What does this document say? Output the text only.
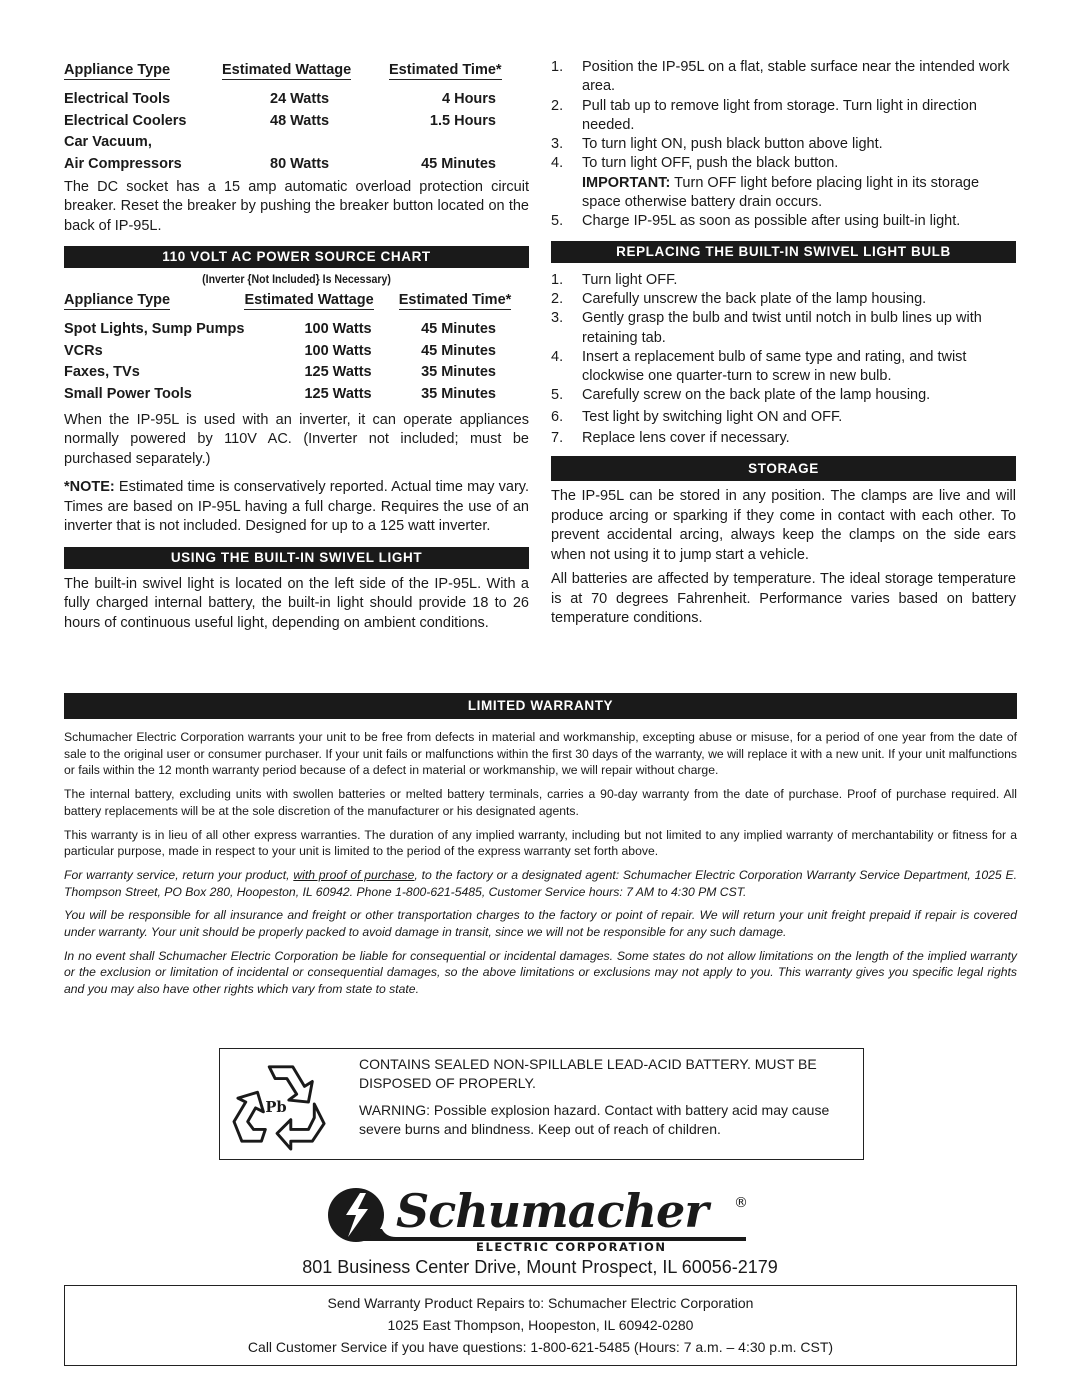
Appliance Type	Estimated Wattage	Estimated Time*
Electrical Tools	24 Watts	4 Hours
Electrical Coolers	48 Watts	1.5 Hours
Car Vacuum,		
Air Compressors	80 Watts	45 Minutes

The DC socket has a 15 amp automatic overload protection circuit breaker. Reset the breaker by pushing the breaker button located on the back of IP-95L.

110 VOLT AC POWER SOURCE CHART
(Inverter {Not Included} Is Necessary)
Appliance Type	Estimated Wattage	Estimated Time*
Spot Lights, Sump Pumps	100 Watts	45 Minutes
VCRs	100 Watts	45 Minutes
Faxes, TVs	125 Watts	35 Minutes
Small Power Tools	125 Watts	35 Minutes

When the IP-95L is used with an inverter, it can operate appliances normally powered by 110V AC. (Inverter not included; must be purchased separately.)

*NOTE: Estimated time is conservatively reported. Actual time may vary. Times are based on IP-95L having a full charge. Requires the use of an inverter that is not included. Designed for up to a 125 watt inverter.

USING THE BUILT-IN SWIVEL LIGHT

The built-in swivel light is located on the left side of the IP-95L. With a fully charged internal battery, the built-in light should provide 18 to 26 hours of continuous useful light, depending on ambient conditions.

1. Position the IP-95L on a flat, stable surface near the intended work area.
2. Pull tab up to remove light from storage. Turn light in direction needed.
3. To turn light ON, push black button above light.
4. To turn light OFF, push the black button.
IMPORTANT: Turn OFF light before placing light in its storage space otherwise battery drain occurs.
5. Charge IP-95L as soon as possible after using built-in light.
REPLACING THE BUILT-IN SWIVEL LIGHT BULB
1. Turn light OFF.
2. Carefully unscrew the back plate of the lamp housing.
3. Gently grasp the bulb and twist until notch in bulb lines up with retaining tab.
4. Insert a replacement bulb of same type and rating, and twist clockwise one quarter-turn to screw in new bulb.
5. Carefully screw on the back plate of the lamp housing.
6. Test light by switching light ON and OFF.
7. Replace lens cover if necessary.
STORAGE

The IP-95L can be stored in any position. The clamps are live and will produce arcing or sparking if they come in contact with each other. To prevent accidental arcing, always keep the clamps on the side ears when not using it to jump start a vehicle.

All batteries are affected by temperature. The ideal storage temperature is at 70 degrees Fahrenheit. Performance varies based on battery temperature conditions.

LIMITED WARRANTY

Schumacher Electric Corporation warrants your unit to be free from defects in material and workmanship, excepting abuse or misuse, for a period of one year from the date of sale to the original user or consumer purchaser. If your unit fails or malfunctions within the first 30 days of the warranty, we will replace it with a new unit. If your unit malfunctions or fails within the 12 month warranty period because of a defect in material or workmanship, we will repair without charge.

The internal battery, excluding units with swollen batteries or melted battery terminals, carries a 90-day warranty from the date of purchase. Proof of purchase required. All battery replacements will be at the sole discretion of the manufacturer or his designated agents.

This warranty is in lieu of all other express warranties. The duration of any implied warranty, including but not limited to any implied warranty of merchantability or fitness for a particular purpose, made in respect to your unit is limited to the period of the express warranty set forth above.

For warranty service, return your product, with proof of purchase, to the factory or a designated agent: Schumacher Electric Corporation Warranty Service Department, 1025 E. Thompson Street, PO Box 280, Hoopeston, IL 60942. Phone 1-800-621-5485, Customer Service hours: 7 AM to 4:30 PM CST.

You will be responsible for all insurance and freight or other transportation charges to the factory or point of repair. We will return your unit freight prepaid if repair is covered under warranty. Your unit should be properly packed to avoid damage in transit, since we will not be responsible for any such damage.

In no event shall Schumacher Electric Corporation be liable for consequential or incidental damages. Some states do not allow limitations on the length of the implied warranty or the exclusion or limitation of incidental or consequential damages, so the above limitations or exclusions may not apply to you. This warranty gives you specific legal rights and you may also have other rights which vary from state to state.

Pb

CONTAINS SEALED NON-SPILLABLE LEAD-ACID BATTERY. MUST BE DISPOSED OF PROPERLY.

WARNING: Possible explosion hazard. Contact with battery acid may cause severe burns and blindness. Keep out of reach of children.

Schumacher	®
ELECTRIC CORPORATION
801 Business Center Drive, Mount Prospect, IL 60056-2179
Send Warranty Product Repairs to: Schumacher Electric Corporation
1025 East Thompson, Hoopeston, IL 60942-0280
Call Customer Service if you have questions: 1-800-621-5485 (Hours: 7 a.m. – 4:30 p.m. CST)
